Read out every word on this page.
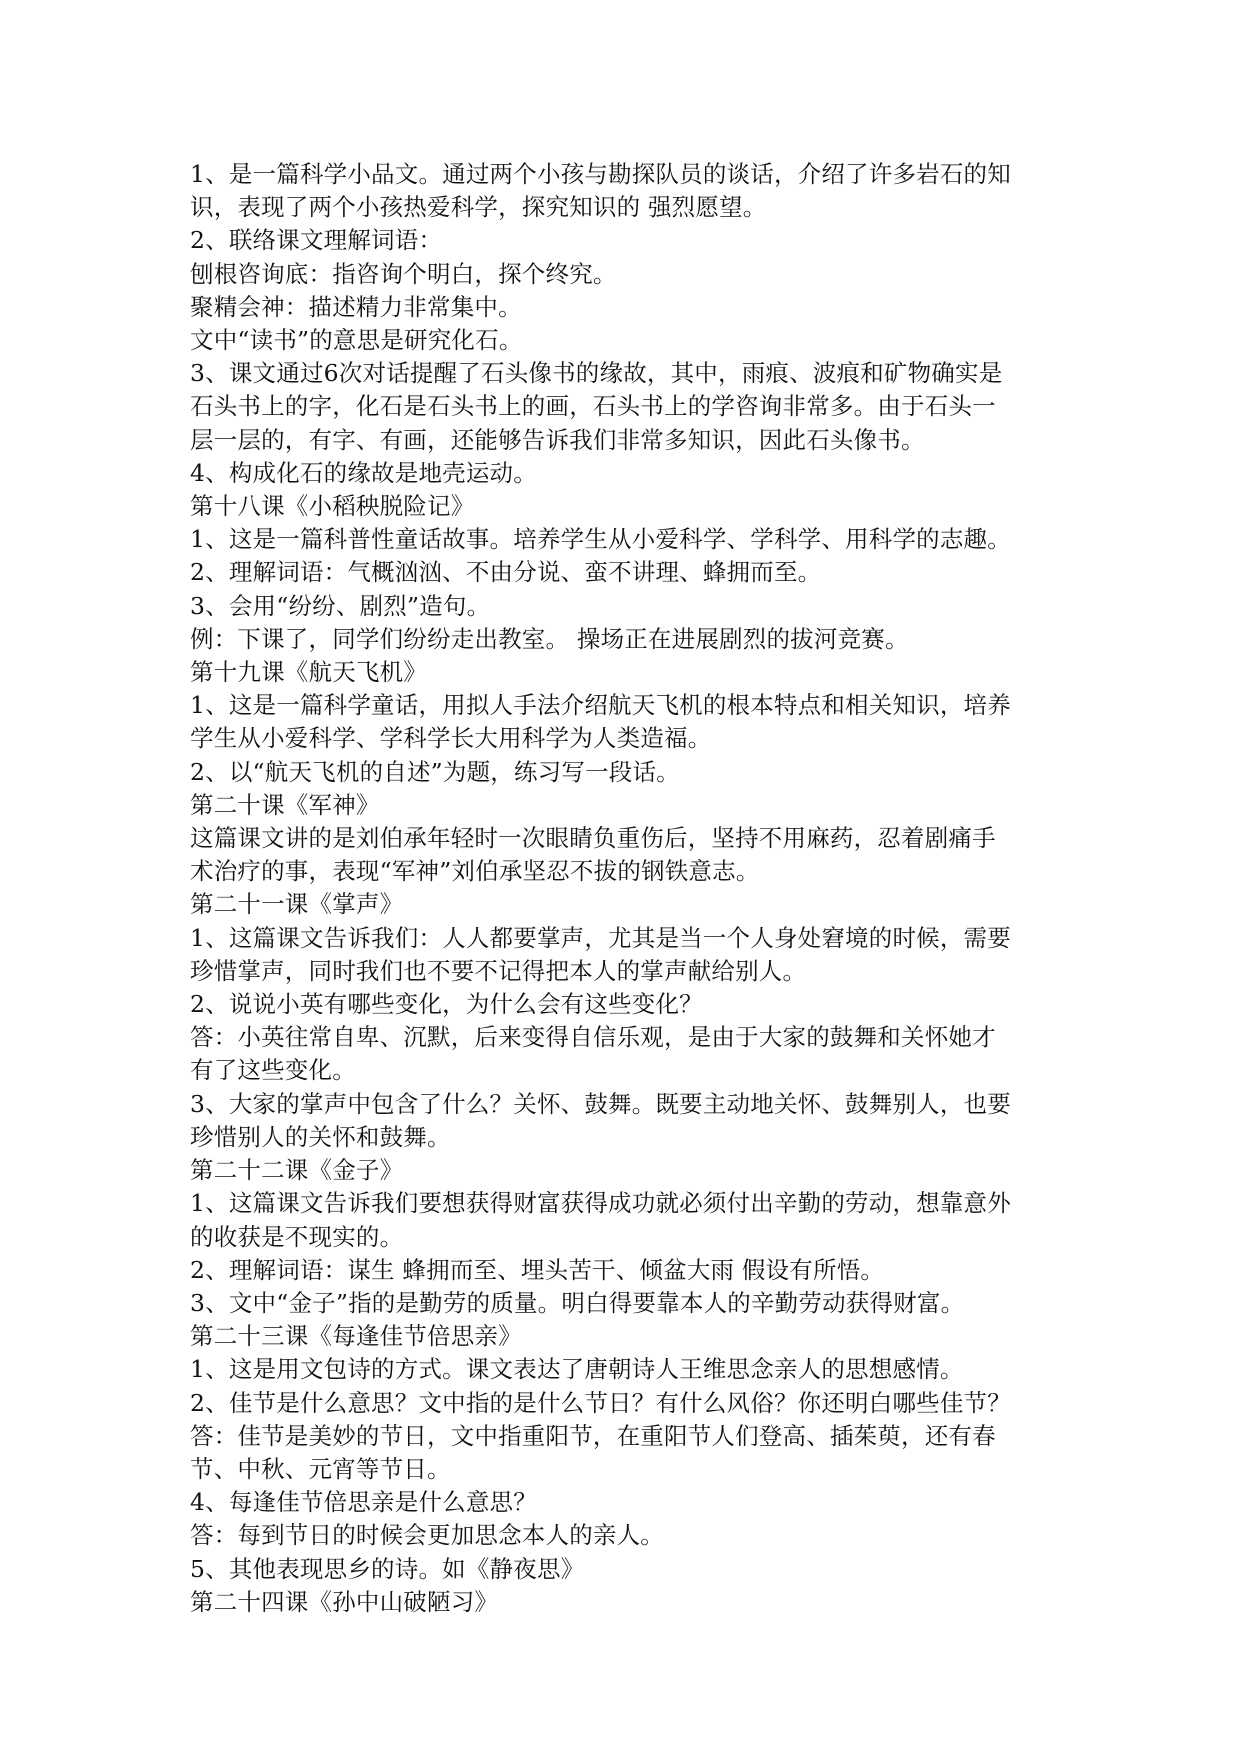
1、是一篇科学小品文。通过两个小孩与勘探队员的谈话，介绍了许多岩石的知
识，表现了两个小孩热爱科学，探究知识的 强烈愿望。
2、联络课文理解词语：
刨根咨询底：指咨询个明白，探个终究。
聚精会神：描述精力非常集中。
文中“读书”的意思是研究化石。
3、课文通过6次对话提醒了石头像书的缘故，其中，雨痕、波痕和矿物确实是
石头书上的字，化石是石头书上的画，石头书上的学咨询非常多。由于石头一
层一层的，有字、有画，还能够告诉我们非常多知识，因此石头像书。
4、构成化石的缘故是地壳运动。
第十八课《小稻秧脱险记》
1、这是一篇科普性童话故事。培养学生从小爱科学、学科学、用科学的志趣。
2、理解词语：气概汹汹、不由分说、蛮不讲理、蜂拥而至。
3、会用“纷纷、剧烈”造句。
例：下课了，同学们纷纷走出教室。 操场正在进展剧烈的拔河竞赛。
第十九课《航天飞机》
1、这是一篇科学童话，用拟人手法介绍航天飞机的根本特点和相关知识，培养
学生从小爱科学、学科学长大用科学为人类造福。
2、以“航天飞机的自述”为题，练习写一段话。
第二十课《军神》
这篇课文讲的是刘伯承年轻时一次眼睛负重伤后，坚持不用麻药，忍着剧痛手
术治疗的事，表现“军神”刘伯承坚忍不拔的钢铁意志。
第二十一课《掌声》
1、这篇课文告诉我们：人人都要掌声，尤其是当一个人身处窘境的时候，需要
珍惜掌声，同时我们也不要不记得把本人的掌声献给别人。
2、说说小英有哪些变化，为什么会有这些变化？
答：小英往常自卑、沉默，后来变得自信乐观，是由于大家的鼓舞和关怀她才
有了这些变化。
3、大家的掌声中包含了什么？关怀、鼓舞。既要主动地关怀、鼓舞别人，也要
珍惜别人的关怀和鼓舞。
第二十二课《金子》
1、这篇课文告诉我们要想获得财富获得成功就必须付出辛勤的劳动，想靠意外
的收获是不现实的。
2、理解词语：谋生 蜂拥而至、埋头苦干、倾盆大雨 假设有所悟。
3、文中“金子”指的是勤劳的质量。明白得要靠本人的辛勤劳动获得财富。
第二十三课《每逢佳节倍思亲》
1、这是用文包诗的方式。课文表达了唐朝诗人王维思念亲人的思想感情。
2、佳节是什么意思？文中指的是什么节日？有什么风俗？你还明白哪些佳节？
答：佳节是美妙的节日，文中指重阳节，在重阳节人们登高、插茱萸，还有春
节、中秋、元宵等节日。
4、每逢佳节倍思亲是什么意思？
答：每到节日的时候会更加思念本人的亲人。
5、其他表现思乡的诗。如《静夜思》
第二十四课《孙中山破陋习》
